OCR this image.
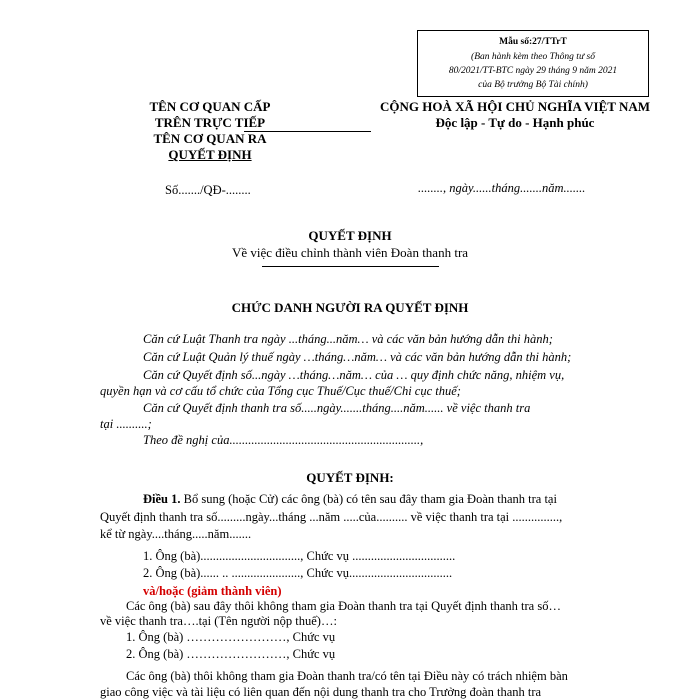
Mẫu số:27/TTrT
(Ban hành kèm theo Thông tư số
80/2021/TT-BTC ngày 29 tháng 9 năm 2021
của Bộ trưởng Bộ Tài chính)
TÊN CƠ QUAN CẤP
TRÊN TRỰC TIẾP
TÊN CƠ QUAN RA
QUYẾT ĐỊNH
Số......./QĐ-........
CỘNG HOÀ XÃ HỘI CHỦ NGHĨA VIỆT NAM
Độc lập - Tự do - Hạnh phúc
........, ngày......tháng.......năm.......
QUYẾT ĐỊNH
Về việc điều chỉnh thành viên Đoàn thanh tra
CHỨC DANH NGƯỜI RA QUYẾT ĐỊNH
Căn cứ Luật Thanh tra ngày ...tháng...năm… và các văn bản hướng dẫn thi hành;
Căn cứ Luật Quản lý thuế ngày …tháng…năm… và các văn bản hướng dẫn thi hành;
Căn cứ Quyết định số...ngày …tháng…năm… của … quy định chức năng, nhiệm vụ,
quyền hạn và cơ cấu tổ chức của Tổng cục Thuế/Cục thuế/Chi cục thuế;
Căn cứ Quyết định thanh tra số.....ngày.......tháng....năm...... về việc thanh tra
tại ..........;
Theo đề nghị của.............................................................,
QUYẾT ĐỊNH:
Điều 1. Bổ sung (hoặc Cử) các ông (bà) có tên sau đây tham gia Đoàn thanh tra tại
Quyết định thanh tra số.........ngày...tháng ...năm .....của.......... về việc thanh tra tại ...............,
kể từ ngày....tháng.....năm.......
1. Ông (bà)................................, Chức vụ .................................
2. Ông (bà)...... .. ......................, Chức vụ.................................
và/hoặc (giảm thành viên)
Các ông (bà) sau đây thôi không tham gia Đoàn thanh tra tại Quyết định thanh tra số…
về việc thanh tra….tại (Tên người nộp thuế)…:
1. Ông (bà) ……………………, Chức vụ
2. Ông (bà) ……………………, Chức vụ
Các ông (bà) thôi không tham gia Đoàn thanh tra/có tên tại Điều này có trách nhiệm bàn
giao công việc và tài liệu có liên quan đến nội dung thanh tra cho Trưởng đoàn thanh tra
